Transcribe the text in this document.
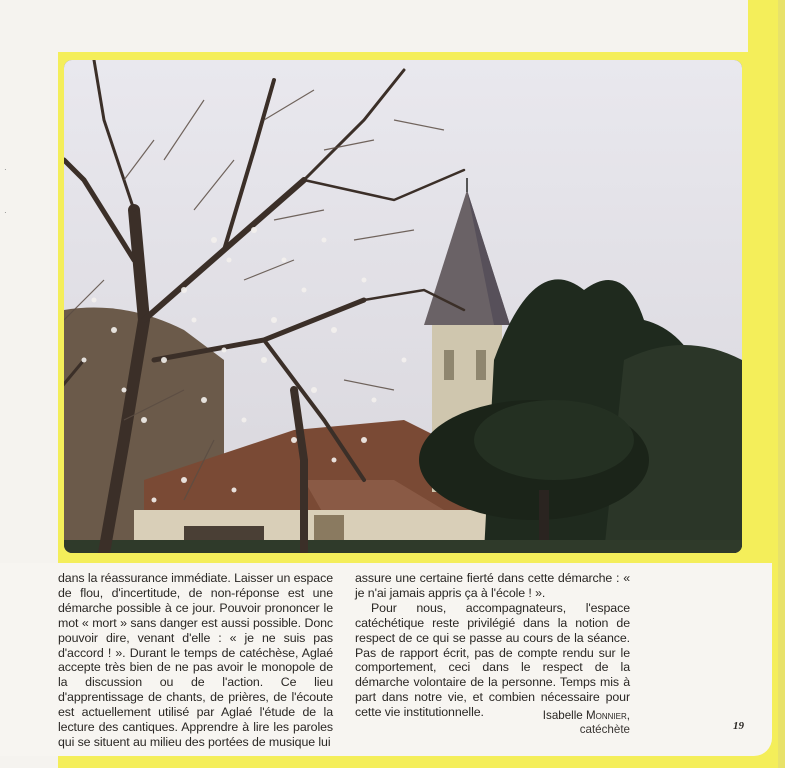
·
·

dans la réassurance immédiate. Laisser un espace de flou, d'incertitude, de non-réponse est une démarche possible à ce jour. Pouvoir prononcer le mot « mort » sans danger est aussi possible. Donc pouvoir dire, venant d'elle : « je ne suis pas d'accord ! ». Durant le temps de catéchèse, Aglaé accepte très bien de ne pas avoir le monopole de la discussion ou de l'action. Ce lieu d'apprentissage de chants, de prières, de l'écoute est actuellement utilisé par Aglaé l'étude de la lecture des cantiques. Apprendre à lire les paroles qui se situent au milieu des portées de musique lui

assure une certaine fierté dans cette démarche : « je n'ai jamais appris ça à l'école ! ».

Pour nous, accompagnateurs, l'espace catéchétique reste privilégié dans la notion de respect de ce qui se passe au cours de la séance. Pas de rapport écrit, pas de compte rendu sur le comportement, ceci dans le respect de la démarche volontaire de la personne. Temps mis à part dans notre vie, et combien nécessaire pour cette vie institutionnelle.	Isabelle Monnier,
catéchète	19
